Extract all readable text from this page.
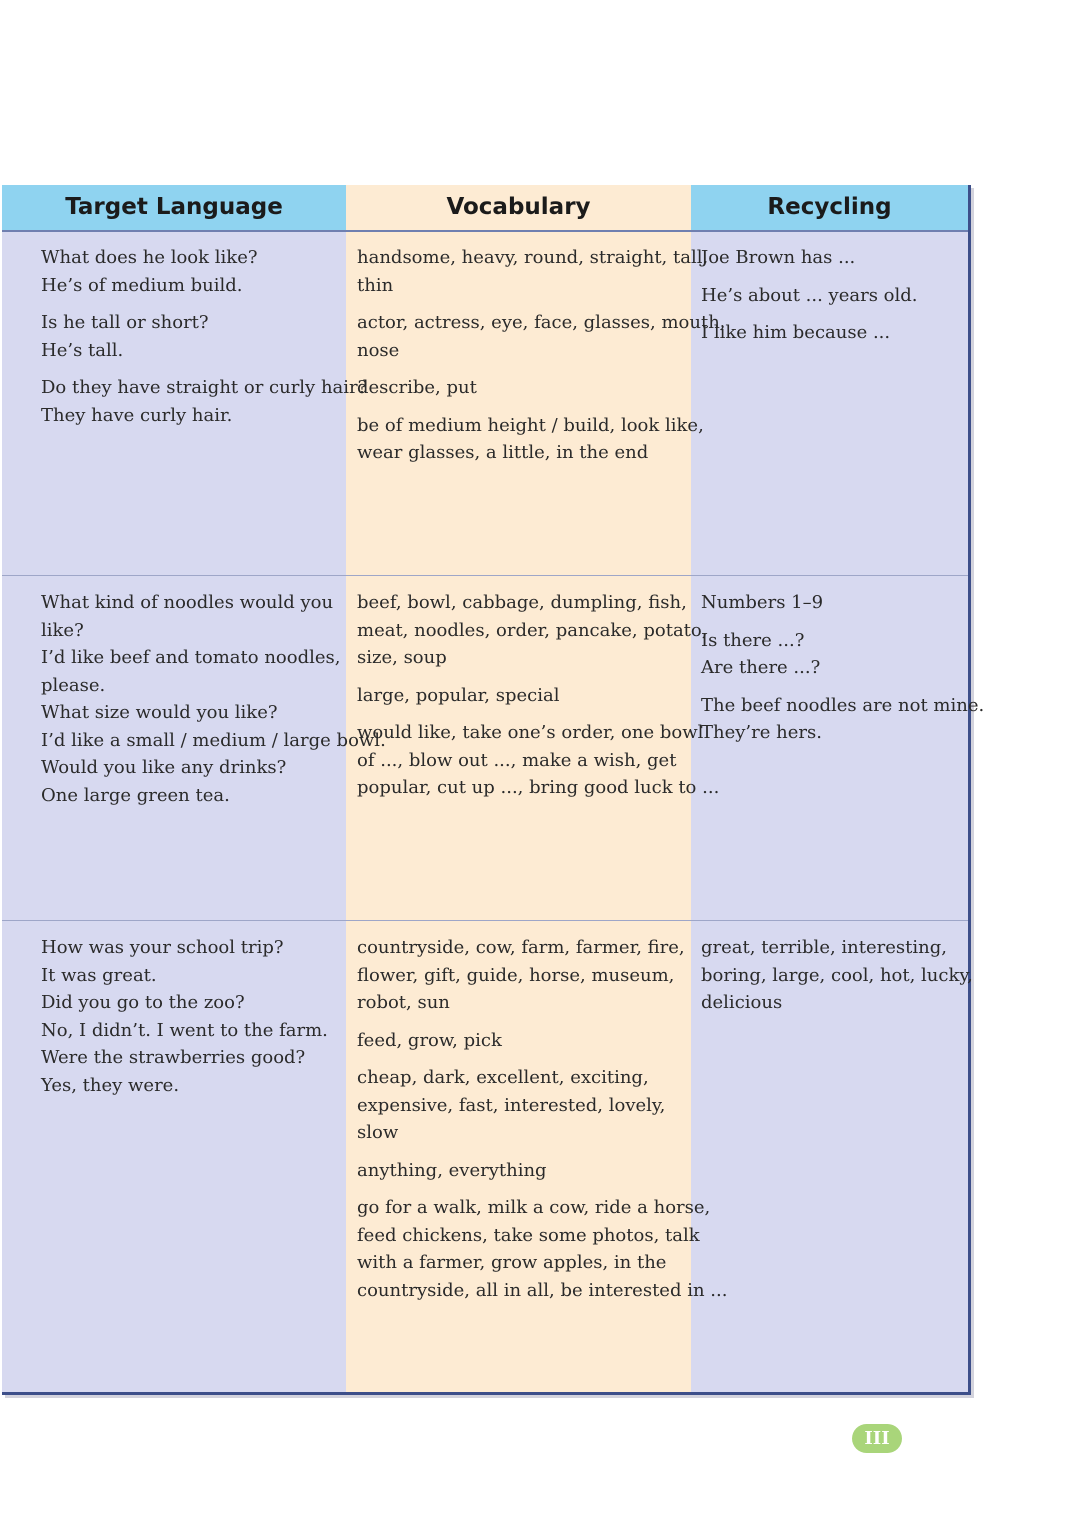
Target Language	Vocabulary	Recycling
What does he look like?
He’s of medium build.
Is he tall or short?
He’s tall.
Do they have straight or curly hair?
They have curly hair.
handsome, heavy, round, straight, tall,
thin
actor, actress, eye, face, glasses, mouth,
nose
describe, put
be of medium height / build, look like,
wear glasses, a little, in the end
Joe Brown has ...
He’s about ... years old.
I like him because ...
What kind of noodles would you
like?
I’d like beef and tomato noodles,
please.
What size would you like?
I’d like a small / medium / large bowl.
Would you like any drinks?
One large green tea.
beef, bowl, cabbage, dumpling, fish,
meat, noodles, order, pancake, potato,
size, soup
large, popular, special
would like, take one’s order, one bowl
of ..., blow out ..., make a wish, get
popular, cut up ..., bring good luck to ...
Numbers 1–9
Is there ...?
Are there ...?
The beef noodles are not mine.
They’re hers.
How was your school trip?
It was great.
Did you go to the zoo?
No, I didn’t. I went to the farm.
Were the strawberries good?
Yes, they were.
countryside, cow, farm, farmer, fire,
flower, gift, guide, horse, museum,
robot, sun
feed, grow, pick
cheap, dark, excellent, exciting,
expensive, fast, interested, lovely,
slow
anything, everything
go for a walk, milk a cow, ride a horse,
feed chickens, take some photos, talk
with a farmer, grow apples, in the
countryside, all in all, be interested in ...
great, terrible, interesting,
boring, large, cool, hot, lucky,
delicious
III
